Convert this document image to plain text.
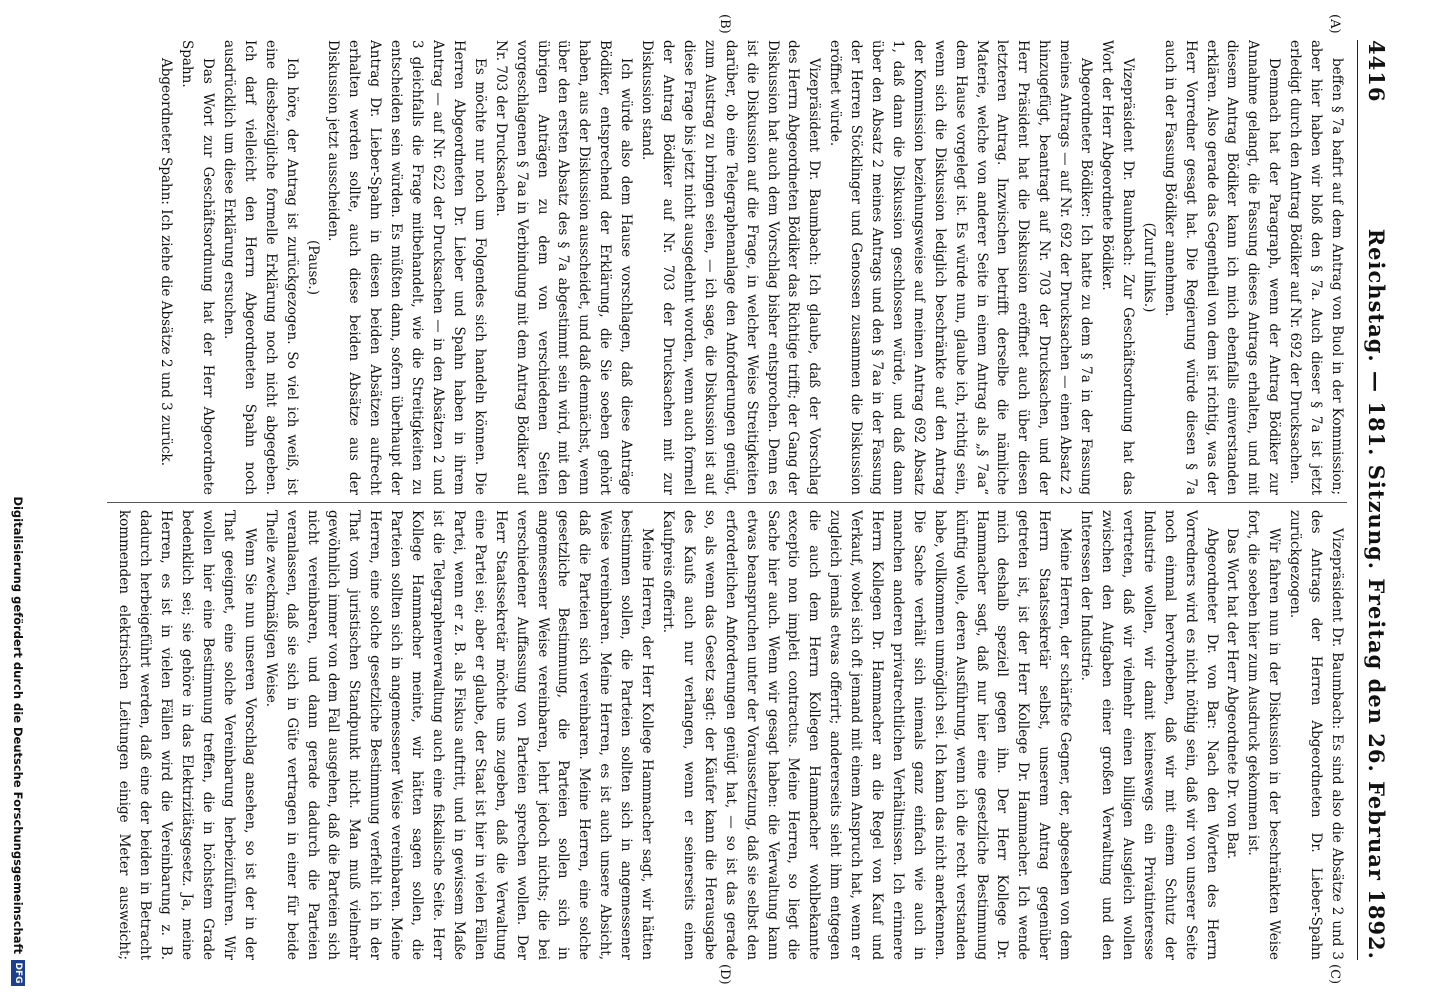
4416
Reichstag. — 181. Sitzung. Freitag den 26. Februar 1892.
(A)
(B)
(C)
(D)

beffen § 7a bafirt auf dem Antrag von Buol in der Kommission; aber hier haben wir bloß den § 7a. Auch dieser § 7a ist jetzt erledigt durch den Antrag Bödiker auf Nr. 692 der Drucksachen.

Demnach hat der Paragraph, wenn der Antrag Bödiker zur Annahme gelangt, die Fassung dieses Antrags erhalten, und mit diesem Antrag Bödiker kann ich mich ebenfalls einverstanden erklären. Also gerade das Gegentheil von dem ist richtig, was der Herr Vorredner gesagt hat. Die Regierung würde diesen § 7a auch in der Fassung Bödiker annehmen.

(Zuruf links.)

Vizepräsident Dr. Baumbach: Zur Geschäftsordnung hat das Wort der Herr Abgeordnete Bödiker.

Abgeordneter Bödiker: Ich hatte zu dem § 7a in der Fassung meines Antrags — auf Nr. 692 der Drucksachen — einen Absatz 2 hinzugefügt, beantragt auf Nr. 703 der Drucksachen, und der Herr Präsident hat die Diskussion eröffnet auch über diesen letzteren Antrag. Inzwischen betrifft derselbe die nämliche Materie, welche von anderer Seite in einem Antrag als „§ 7aa“ dem Hause vorgelegt ist. Es würde nun, glaube ich, richtig sein, wenn sich die Diskussion lediglich beschränkte auf den Antrag der Kommission beziehungsweise auf meinen Antrag 692 Absatz 1, daß dann die Diskussion geschlossen würde, und daß dann über den Absatz 2 meines Antrags und den § 7aa in der Fassung der Herren Stöcklinger und Genossen zusammen die Diskussion eröffnet würde.

Vizepräsident Dr. Baumbach: Ich glaube, daß der Vorschlag des Herrn Abgeordneten Bödiker das Richtige trifft; der Gang der Diskussion hat auch dem Vorschlag bisher entsprochen. Denn es ist die Diskussion auf die Frage, in welcher Weise Streitigkeiten darüber, ob eine Telegraphenanlage den Anforderungen genügt, zum Austrag zu bringen seien, — ich sage, die Diskussion ist auf diese Frage bis jetzt nicht ausgedehnt worden, wenn auch formell der Antrag Bödiker auf Nr. 703 der Drucksachen mit zur Diskussion stand.

Ich würde also dem Hause vorschlagen, daß diese Anträge Bödiker, entsprechend der Erklärung, die Sie soeben gehört haben, aus der Diskussion ausscheidet, und daß demnächst, wenn über den ersten Absatz des § 7a abgestimmt sein wird, mit den übrigen Anträgen zu dem von verschiedenen Seiten vorgeschlagenen § 7aa in Verbindung mit dem Antrag Bödiker auf Nr. 703 der Drucksachen.

Es möchte nur noch um Folgendes sich handeln können. Die Herren Abgeordneten Dr. Lieber und Spahn haben in ihrem Antrag — auf Nr. 622 der Drucksachen — in den Absätzen 2 und 3 gleichfalls die Frage mitbehandelt, wie die Streitigkeiten zu entscheiden sein würden. Es müßten dann, sofern überhaupt der Antrag Dr. Lieber-Spahn in diesen beiden Absätzen aufrecht erhalten werden sollte, auch diese beiden Absätze aus der Diskussion jetzt ausscheiden.

(Pause.)

Ich höre, der Antrag ist zurückgezogen. So viel ich weiß, ist eine diesbezügliche formelle Erklärung noch nicht abgegeben. Ich darf vielleicht den Herrn Abgeordneten Spahn noch ausdrücklich um diese Erklärung ersuchen.

Das Wort zur Geschäftsordnung hat der Herr Abgeordnete Spahn.

Abgeordneter Spahn: Ich ziehe die Absätze 2 und 3 zurück.

Vizepräsident Dr. Baumbach: Es sind also die Absätze 2 und 3 des Antrags der Herren Abgeordneten Dr. Lieber-Spahn zurückgezogen.

Wir fahren nun in der Diskussion in der beschränkten Weise fort, die soeben hier zum Ausdruck gekommen ist.

Das Wort hat der Herr Abgeordnete Dr. von Bar.

Abgeordneter Dr. von Bar: Nach den Worten des Herrn Vorredners wird es nicht nöthig sein, daß wir von unserer Seite noch einmal hervorheben, daß wir mit einem Schutz der Industrie wollen, wir damit keineswegs ein Privatinteresse vertreten, daß wir vielmehr einen billigen Ausgleich wollen zwischen den Aufgaben einer großen Verwaltung und den Interessen der Industrie.

Meine Herren, der schärfste Gegner, der, abgesehen von dem Herrn Staatssekretär selbst, unserem Antrag gegenüber getreten ist, ist der Herr Kollege Dr. Hammacher. Ich wende mich deshalb speziell gegen ihn. Der Herr Kollege Dr. Hammacher sagt, daß nur hier eine gesetzliche Bestimmung künftig wolle, deren Ausführung, wenn ich die recht verstanden habe, vollkommen unmöglich sei. Ich kann das nicht anerkennen. Die Sache verhält sich niemals ganz einfach wie auch in manchen anderen privatrechtlichen Verhältnissen. Ich erinnere Herrn Kollegen Dr. Hammacher an die Regel von Kauf und Verkauf, wobei sich oft jemand mit einem Anspruch hat, wenn er zugleich jemals etwas offerirt; andererseits sieht ihm entgegen die auch dem Herrn Kollegen Hammacher wohlbekannte exceptio non impleti contractus. Meine Herren, so liegt die Sache hier auch. Wenn wir gesagt haben: die Verwaltung kann etwas beanspruchen unter der Voraussetzung, daß sie selbst den erforderlichen Anforderungen genügt hat, — so ist das gerade so, als wenn das Gesetz sagt: der Käufer kann die Herausgabe des Kaufs auch nur verlangen, wenn er seinerseits einen Kaufpreis offerirt.

Meine Herren, der Herr Kollege Hammacher sagt, wir hätten bestimmen sollen, die Parteien sollten sich in angemessener Weise vereinbaren. Meine Herren, es ist auch unsere Absicht, daß die Parteien sich vereinbaren. Meine Herren, eine solche gesetzliche Bestimmung, die Parteien sollen sich in angemessener Weise vereinbaren, lehrt jedoch nichts; die bei verschiedener Auffassung von Parteien sprechen wollen. Der Herr Staatssekretär möchte uns zugeben, daß die Verwaltung eine Partei sei; aber er glaube, der Staat ist hier in vielen Fällen Partei, wenn er z. B. als Fiskus auftritt, und in gewissem Maße ist die Telegraphenverwaltung auch eine fiskalische Seite. Herr Kollege Hammacher meinte, wir hätten sagen sollen, die Parteien sollten sich in angemessener Weise vereinbaren. Meine Herren, eine solche gesetzliche Bestimmung verfehlt ich in der That vom juristischen Standpunkt nicht. Man muß vielmehr gewöhnlich immer von dem Fall ausgehen, daß die Parteien sich nicht vereinbaren, und dann gerade dadurch die Parteien veranlassen, daß sie sich in Güte vertragen in einer für beide Theile zweckmäßigen Weise.

Wenn Sie nun unseren Vorschlag ansehen, so ist der in der That geeignet, eine solche Vereinbarung herbeizuführen. Wir wollen hier eine Bestimmung treffen, die in höchstem Grade bedenklich sei; sie gehöre in das Elektrizitätsgesetz. Ja, meine Herren, es ist in vielen Fällen wird die Vereinbarung z. B. dadurch herbeigeführt werden, daß eine der beiden in Betracht kommenden elektrischen Leitungen einige Meter ausweicht;

Digitalisierung gefördert durch die Deutsche Forschungsgemeinschaft
DFG
